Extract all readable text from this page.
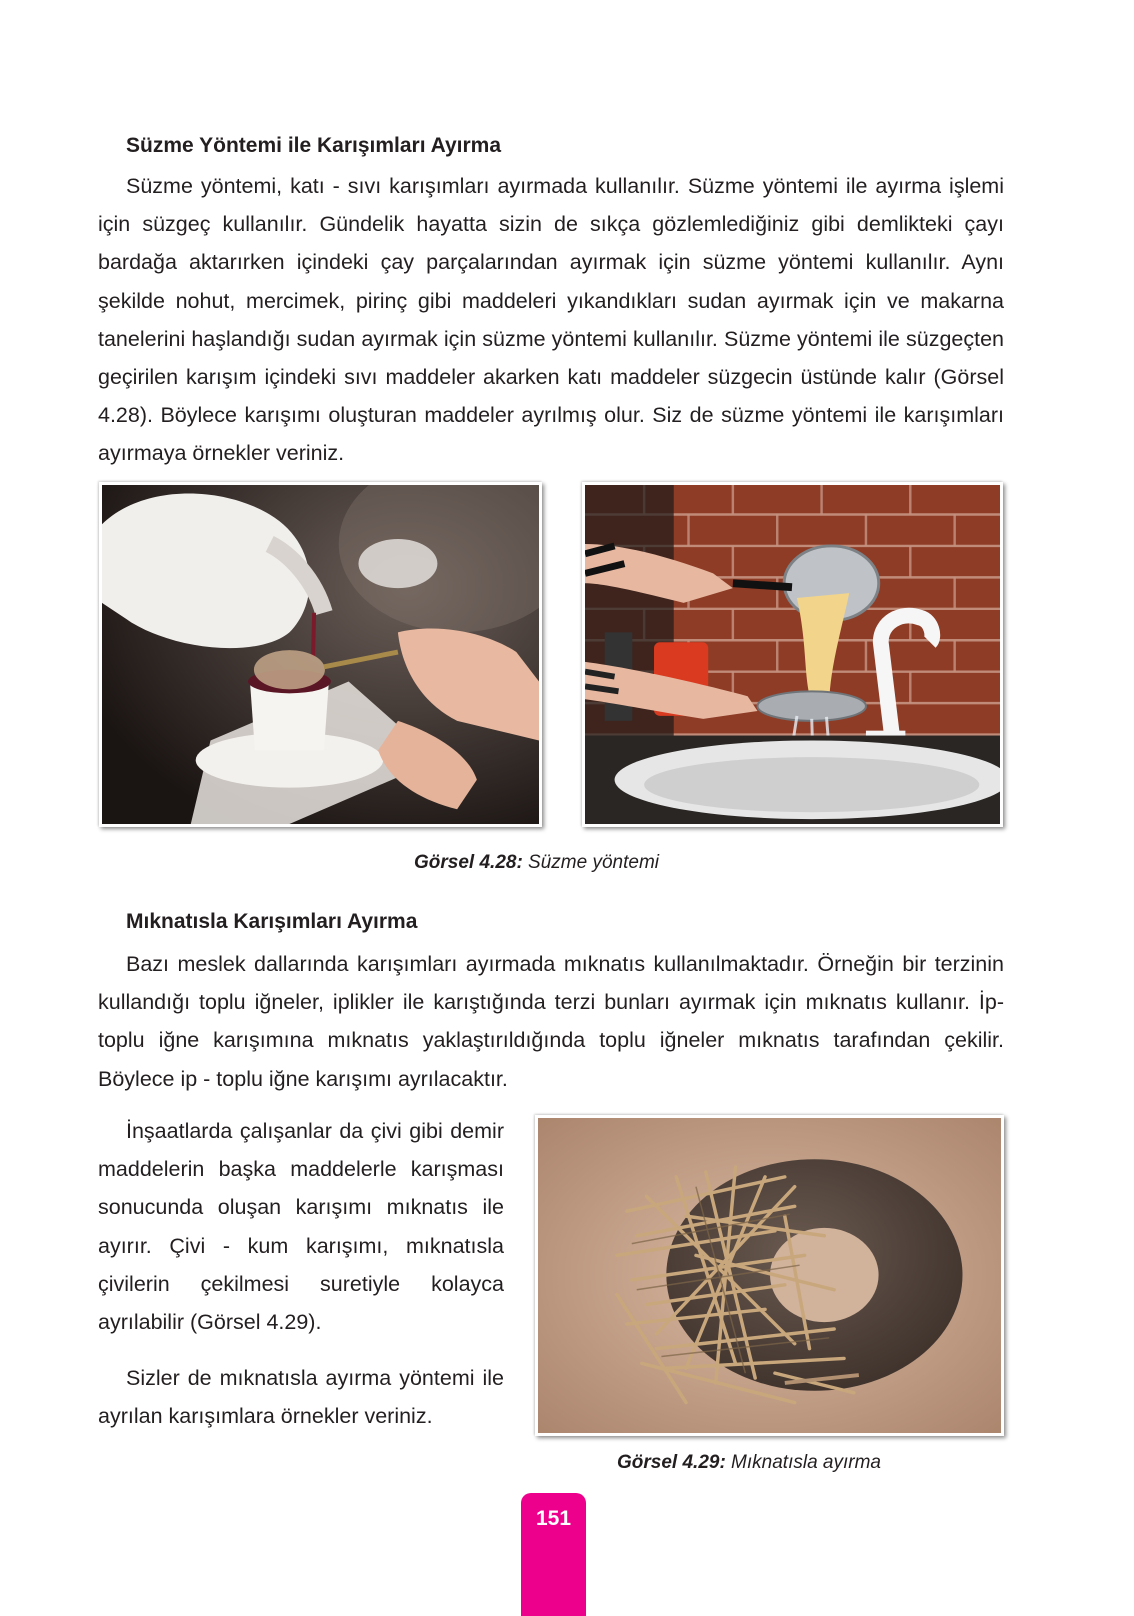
Süzme Yöntemi ile Karışımları Ayırma
Süzme yöntemi, katı - sıvı karışımları ayırmada kullanılır. Süzme yöntemi ile ayırma işlemi için süzgeç kullanılır. Gündelik hayatta sizin de sıkça gözlemlediğiniz gibi demlikteki çayı bardağa aktarırken içindeki çay parçalarından ayırmak için süzme yöntemi kullanılır. Aynı şekilde nohut, mercimek, pirinç gibi maddeleri yıkandıkları sudan ayırmak için ve makarna tanelerini haşlandığı sudan ayırmak için süzme yöntemi kullanılır. Süzme yöntemi ile süzgeçten geçirilen karışım içindeki sıvı maddeler akarken katı maddeler süzgecin üstünde kalır (Görsel 4.28). Böylece karışımı oluşturan maddeler ayrılmış olur. Siz de süzme yöntemi ile karışımları ayırmaya örnekler veriniz.
Görsel 4.28: Süzme yöntemi
Mıknatısla Karışımları Ayırma
Bazı meslek dallarında karışımları ayırmada mıknatıs kullanılmaktadır. Örneğin bir terzinin kullandığı toplu iğneler, iplikler ile karıştığında terzi bunları ayırmak için mıknatıs kullanır. İp-toplu iğne karışımına mıknatıs yaklaştırıldığında toplu iğneler mıknatıs tarafından çekilir. Böylece ip - toplu iğne karışımı ayrılacaktır.
İnşaatlarda çalışanlar da çivi gibi demir maddelerin başka maddelerle karışması sonucunda oluşan karışımı mıknatıs ile ayırır. Çivi - kum karışımı, mıknatısla çivilerin çekilmesi suretiyle kolayca ayrılabilir (Görsel 4.29).
Sizler de mıknatısla ayırma yöntemi ile ayrılan karışımlara örnekler veriniz.
Görsel 4.29: Mıknatısla ayırma
151
